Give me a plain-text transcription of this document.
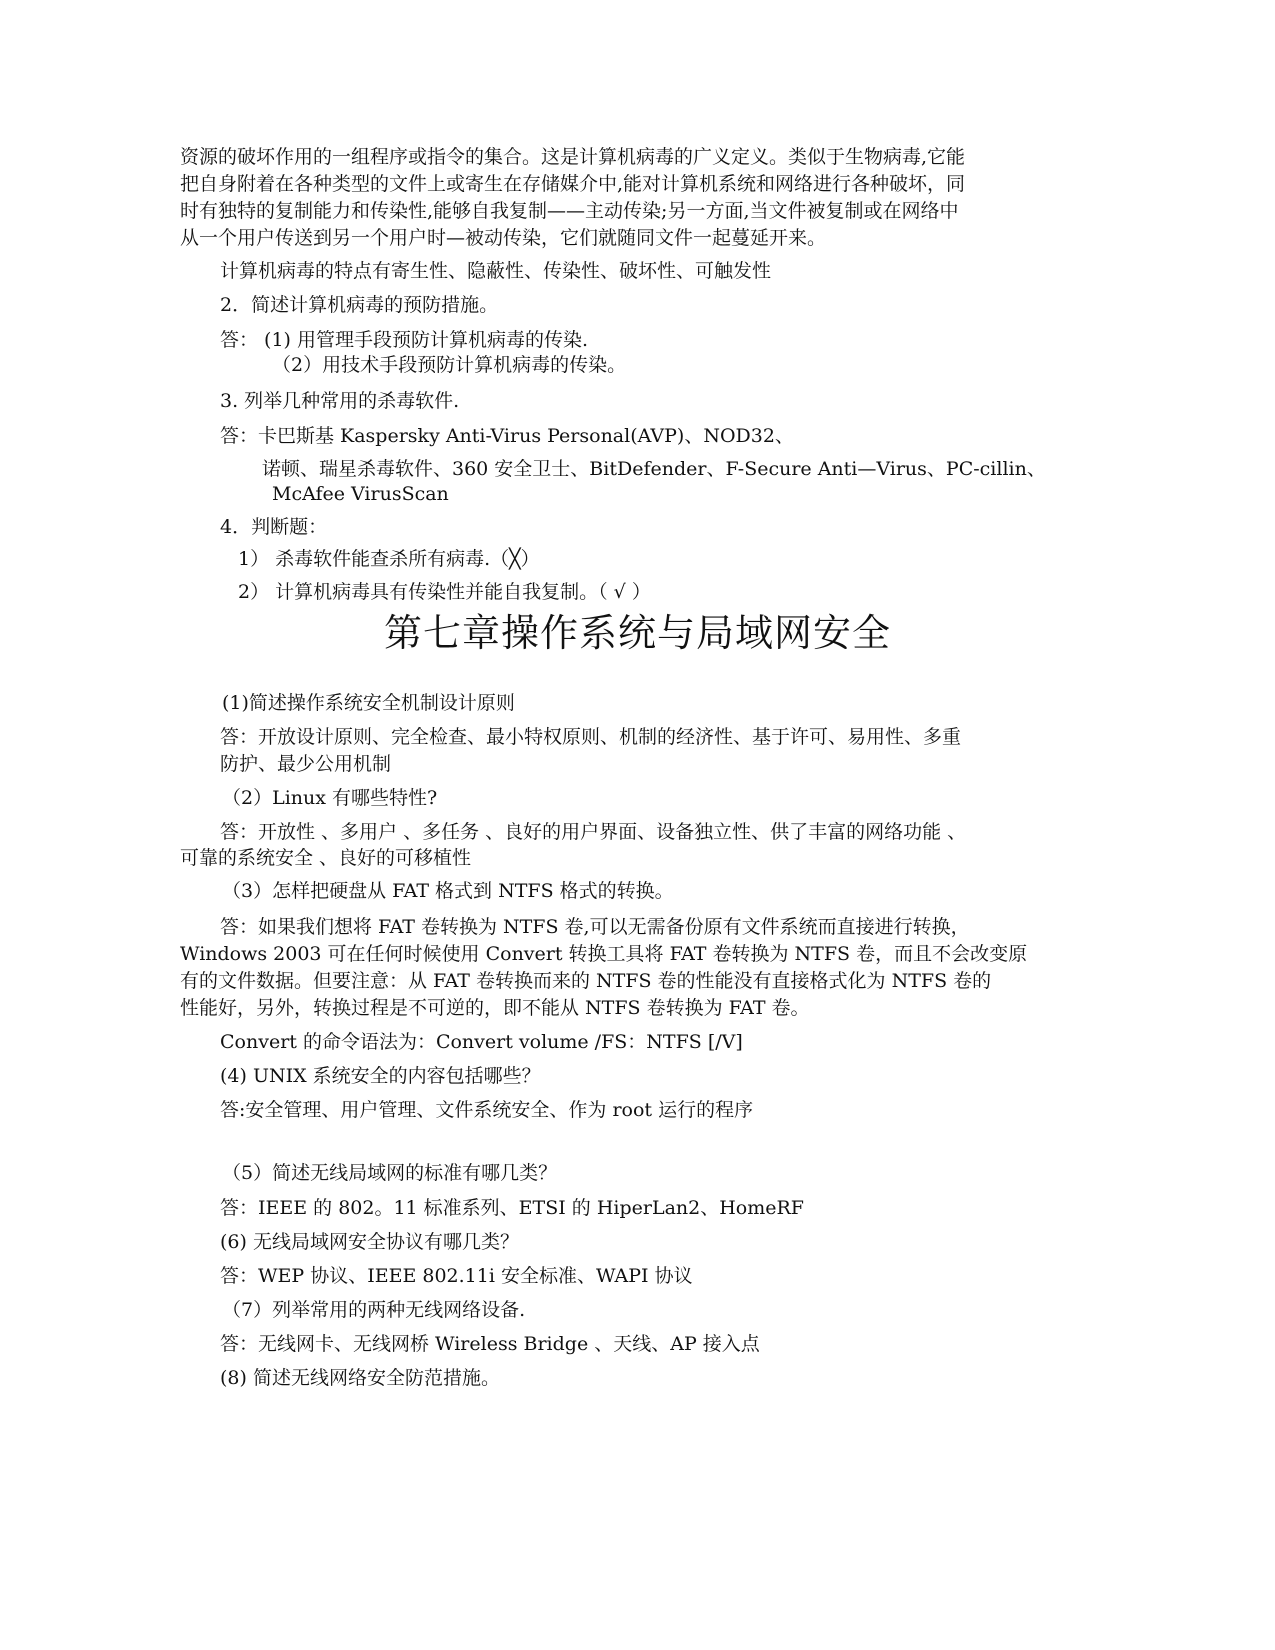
资源的破坏作用的一组程序或指令的集合。这是计算机病毒的广义定义。类似于生物病毒,它能
把自身附着在各种类型的文件上或寄生在存储媒介中,能对计算机系统和网络进行各种破坏，同
时有独特的复制能力和传染性,能够自我复制——主动传染;另一方面,当文件被复制或在网络中
从一个用户传送到另一个用户时—被动传染，它们就随同文件一起蔓延开来。
计算机病毒的特点有寄生性、隐蔽性、传染性、破坏性、可触发性
2．简述计算机病毒的预防措施。
答： (1) 用管理手段预防计算机病毒的传染.
（2）用技术手段预防计算机病毒的传染。
3. 列举几种常用的杀毒软件.
答：卡巴斯基 Kaspersky Anti-Virus Personal(AVP)、NOD32、
诺顿、瑞星杀毒软件、360 安全卫士、BitDefender、F-Secure Anti—Virus、PC-cillin、
McAfee VirusScan
4．判断题：
1） 杀毒软件能查杀所有病毒.（╳）
2） 计算机病毒具有传染性并能自我复制。（ √ ）
第七章操作系统与局域网安全
(1)简述操作系统安全机制设计原则
答：开放设计原则、完全检查、最小特权原则、机制的经济性、基于许可、易用性、多重
防护、最少公用机制
（2）Linux 有哪些特性?
答：开放性 、多用户 、多任务 、良好的用户界面、设备独立性、供了丰富的网络功能 、
可靠的系统安全 、良好的可移植性
（3）怎样把硬盘从 FAT 格式到 NTFS 格式的转换。
答：如果我们想将 FAT 卷转换为 NTFS 卷,可以无需备份原有文件系统而直接进行转换，
Windows 2003 可在任何时候使用 Convert 转换工具将 FAT 卷转换为 NTFS 卷，而且不会改变原
有的文件数据。但要注意：从 FAT 卷转换而来的 NTFS 卷的性能没有直接格式化为 NTFS 卷的
性能好，另外，转换过程是不可逆的，即不能从 NTFS 卷转换为 FAT 卷。
Convert 的命令语法为：Convert volume /FS：NTFS [/V]
(4) UNIX 系统安全的内容包括哪些？
答:安全管理、用户管理、文件系统安全、作为 root 运行的程序
（5）简述无线局域网的标准有哪几类？
答：IEEE 的 802。11 标准系列、ETSI 的 HiperLan2、HomeRF
(6) 无线局域网安全协议有哪几类？
答：WEP 协议、IEEE 802.11i 安全标准、WAPI 协议
（7）列举常用的两种无线网络设备.
答：无线网卡、无线网桥 Wireless Bridge 、天线、AP 接入点
(8) 简述无线网络安全防范措施。
